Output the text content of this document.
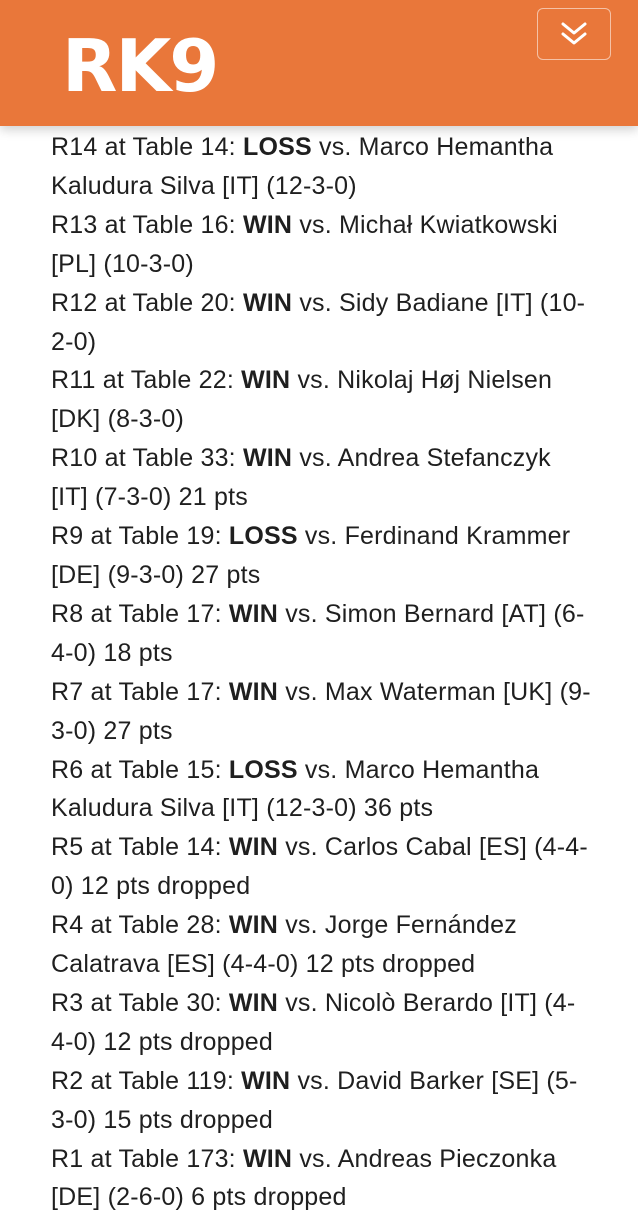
RK9

R14 at Table 14: LOSS vs. Marco Hemantha Kaludura Silva [IT] (12-3-0)

R13 at Table 16: WIN vs. Michał Kwiatkowski [PL] (10-3-0)

R12 at Table 20: WIN vs. Sidy Badiane [IT] (10-2-0)

R11 at Table 22: WIN vs. Nikolaj Høj Nielsen [DK] (8-3-0)

R10 at Table 33: WIN vs. Andrea Stefanczyk [IT] (7-3-0) 21 pts

R9 at Table 19: LOSS vs. Ferdinand Krammer [DE] (9-3-0) 27 pts

R8 at Table 17: WIN vs. Simon Bernard [AT] (6-4-0) 18 pts

R7 at Table 17: WIN vs. Max Waterman [UK] (9-3-0) 27 pts

R6 at Table 15: LOSS vs. Marco Hemantha Kaludura Silva [IT] (12-3-0) 36 pts

R5 at Table 14: WIN vs. Carlos Cabal [ES] (4-4-0) 12 pts dropped

R4 at Table 28: WIN vs. Jorge Fernández Calatrava [ES] (4-4-0) 12 pts dropped

R3 at Table 30: WIN vs. Nicolò Berardo [IT] (4-4-0) 12 pts dropped

R2 at Table 119: WIN vs. David Barker [SE] (5-3-0) 15 pts dropped

R1 at Table 173: WIN vs. Andreas Pieczonka [DE] (2-6-0) 6 pts dropped
